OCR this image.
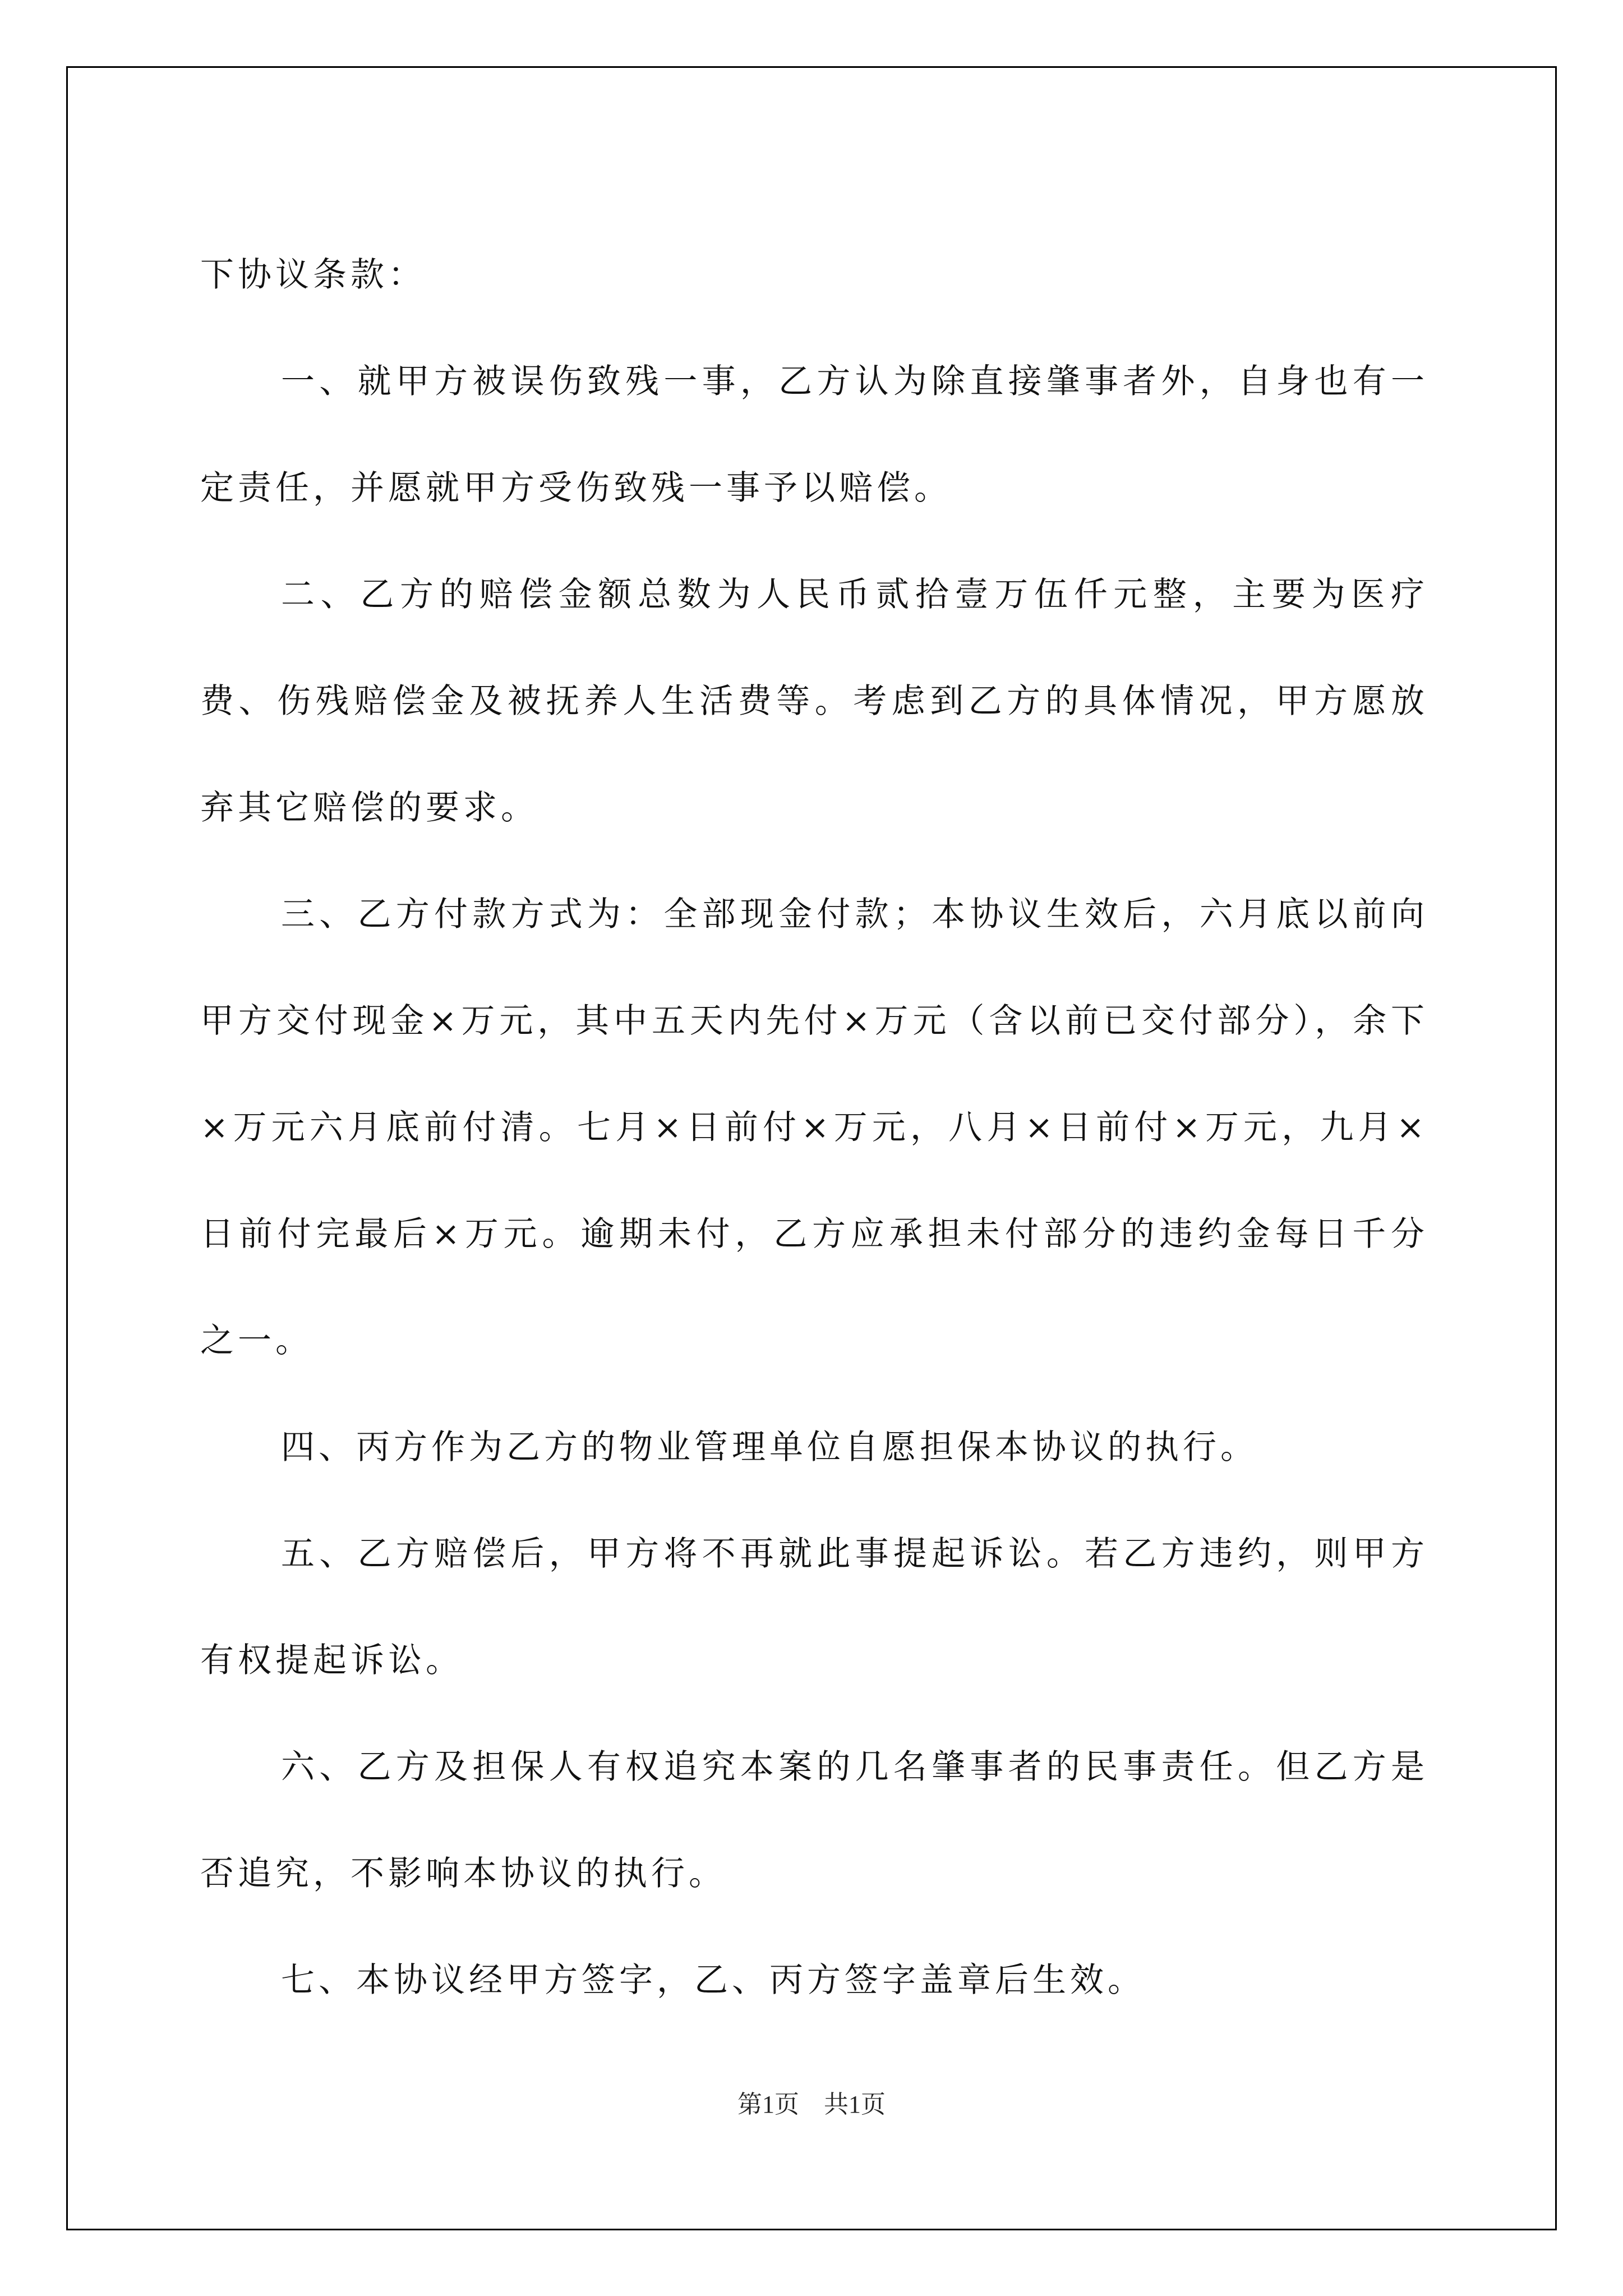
下协议条款：

一、就甲方被误伤致残一事，乙方认为除直接肇事者外，自身也有一定责任，并愿就甲方受伤致残一事予以赔偿。

二、乙方的赔偿金额总数为人民币贰拾壹万伍仟元整，主要为医疗费、伤残赔偿金及被抚养人生活费等。考虑到乙方的具体情况，甲方愿放弃其它赔偿的要求。

三、乙方付款方式为：全部现金付款；本协议生效后，六月底以前向甲方交付现金×万元，其中五天内先付×万元（含以前已交付部分），余下×万元六月底前付清。七月×日前付×万元，八月×日前付×万元，九月×日前付完最后×万元。逾期未付，乙方应承担未付部分的违约金每日千分之一。

四、丙方作为乙方的物业管理单位自愿担保本协议的执行。

五、乙方赔偿后，甲方将不再就此事提起诉讼。若乙方违约，则甲方有权提起诉讼。

六、乙方及担保人有权追究本案的几名肇事者的民事责任。但乙方是否追究，不影响本协议的执行。

七、本协议经甲方签字，乙、丙方签字盖章后生效。

第1页 共1页
